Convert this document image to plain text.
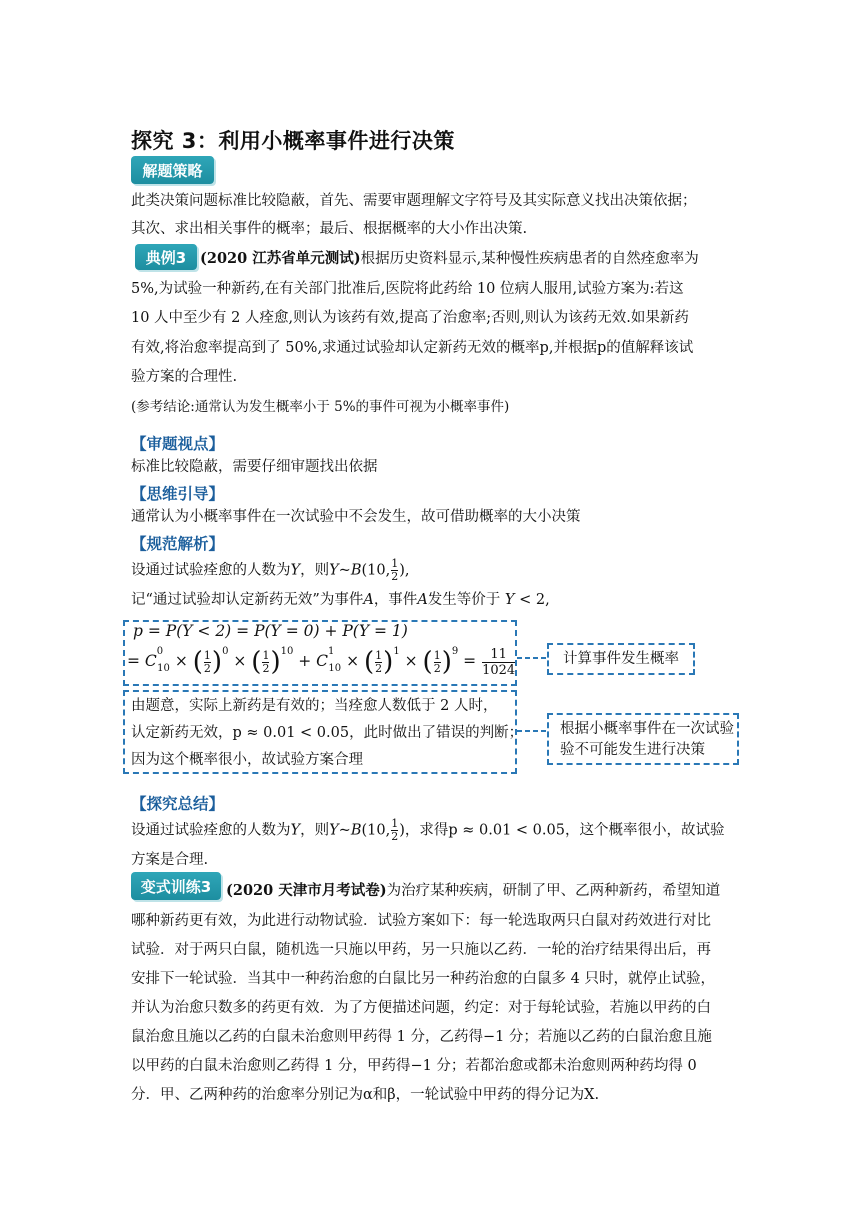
探究 3：利用小概率事件进行决策
解题策略
此类决策问题标准比较隐蔽，首先、需要审题理解文字符号及其实际意义找出决策依据；
其次、求出相关事件的概率；最后、根据概率的大小作出决策.
典例3 (2020 江苏省单元测试)根据历史资料显示,某种慢性疾病患者的自然痊愈率为
5%,为试验一种新药,在有关部门批准后,医院将此药给 10 位病人服用,试验方案为:若这
10 人中至少有 2 人痊愈,则认为该药有效,提高了治愈率;否则,则认为该药无效.如果新药
有效,将治愈率提高到了 50%,求通过试验却认定新药无效的概率p,并根据p的值解释该试
验方案的合理性.
(参考结论:通常认为发生概率小于 5%的事件可视为小概率事件)
【审题视点】
标准比较隐蔽，需要仔细审题找出依据
【思维引导】
通常认为小概率事件在一次试验中不会发生，故可借助概率的大小决策
【规范解析】
设通过试验痊愈的人数为Y，则Y~B(10, $\frac{1}{2}$ ),
记“通过试验却认定新药无效”为事件A，事件A发生等价于 Y < 2,
p = P(Y < 2) = P(Y = 0) + P(Y = 1)
= $C^0_{10}$ × ( $\frac{1}{2} )^0$ × ( $\frac{1}{2} )^{10} + C^1_{10}$ × ( $\frac{1}{2} )^1$ × ( $\frac{1}{2} )^9 = \frac{11}{1024}$
由题意，实际上新药是有效的；当痊愈人数低于 2 人时，
认定新药无效，p ≈ 0.01 < 0.05，此时做出了错误的判断；
因为这个概率很小，故试验方案合理
计算事件发生概率
根据小概率事件在一次试验
验不可能发生进行决策
【探究总结】
设通过试验痊愈的人数为Y，则Y~B(10, $\frac{1}{2}$ )，求得p ≈ 0.01 < 0.05，这个概率很小，故试验
方案是合理.
变式训练3	(2020 天津市月考试卷)为治疗某种疾病，研制了甲、乙两种新药，希望知道
哪种新药更有效，为此进行动物试验．试验方案如下：每一轮选取两只白鼠对药效进行对比
试验．对于两只白鼠，随机选一只施以甲药，另一只施以乙药．一轮的治疗结果得出后，再
安排下一轮试验．当其中一种药治愈的白鼠比另一种药治愈的白鼠多 4 只时，就停止试验，
并认为治愈只数多的药更有效．为了方便描述问题，约定：对于每轮试验，若施以甲药的白
鼠治愈且施以乙药的白鼠未治愈则甲药得 1 分，乙药得−1 分；若施以乙药的白鼠治愈且施
以甲药的白鼠未治愈则乙药得 1 分，甲药得−1 分；若都治愈或都未治愈则两种药均得 0
分．甲、乙两种药的治愈率分别记为α和β，一轮试验中甲药的得分记为X.
